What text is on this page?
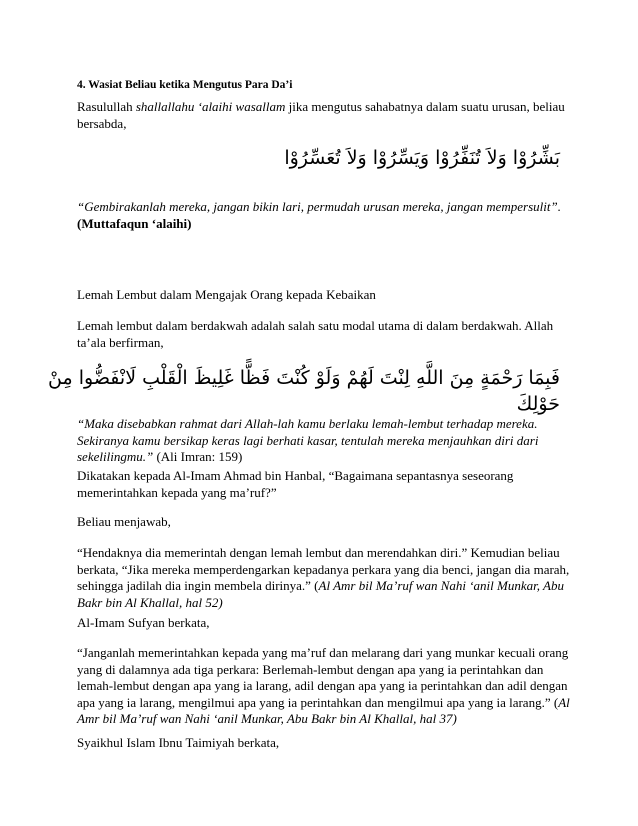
4. Wasiat Beliau ketika Mengutus Para Da’i

Rasulullah shallallahu ‘alaihi wasallam jika mengutus sahabatnya dalam suatu urusan, beliau bersabda,

بَشِّرُوْا وَلاَ تُنَفِّرُوْا وَيَسِّرُوْا وَلاَ تُعَسِّرُوْا

“Gembirakanlah mereka, jangan bikin lari, permudah urusan mereka, jangan mempersulit”.

(Muttafaqun ‘alaihi)

Lemah Lembut dalam Mengajak Orang kepada Kebaikan

Lemah lembut dalam berdakwah adalah salah satu modal utama di dalam berdakwah. Allah ta’ala berfirman,

فَبِمَا رَحْمَةٍ مِنَ اللَّهِ لِنْتَ لَهُمْ وَلَوْ كُنْتَ فَظًّا غَلِيظَ الْقَلْبِ لَانْفَضُّوا مِنْ حَوْلِكَ

“Maka disebabkan rahmat dari Allah-lah kamu berlaku lemah-lembut terhadap mereka. Sekiranya kamu bersikap keras lagi berhati kasar, tentulah mereka menjauhkan diri dari sekelilingmu.” (Ali Imran: 159)

Dikatakan kepada Al-Imam Ahmad bin Hanbal, “Bagaimana sepantasnya seseorang memerintahkan kepada yang ma’ruf?”

Beliau menjawab,

“Hendaknya dia memerintah dengan lemah lembut dan merendahkan diri.” Kemudian beliau berkata, “Jika mereka memperdengarkan kepadanya perkara yang dia benci, jangan dia marah, sehingga jadilah dia ingin membela dirinya.” (Al Amr bil Ma’ruf wan Nahi ‘anil Munkar, Abu Bakr bin Al Khallal, hal 52)

Al-Imam Sufyan berkata,

“Janganlah memerintahkan kepada yang ma’ruf dan melarang dari yang munkar kecuali orang yang di dalamnya ada tiga perkara: Berlemah-lembut dengan apa yang ia perintahkan dan lemah-lembut dengan apa yang ia larang, adil dengan apa yang ia perintahkan dan adil dengan apa yang ia larang, mengilmui apa yang ia perintahkan dan mengilmui apa yang ia larang.” (Al Amr bil Ma’ruf wan Nahi ‘anil Munkar, Abu Bakr bin Al Khallal, hal 37)

Syaikhul Islam Ibnu Taimiyah berkata,
